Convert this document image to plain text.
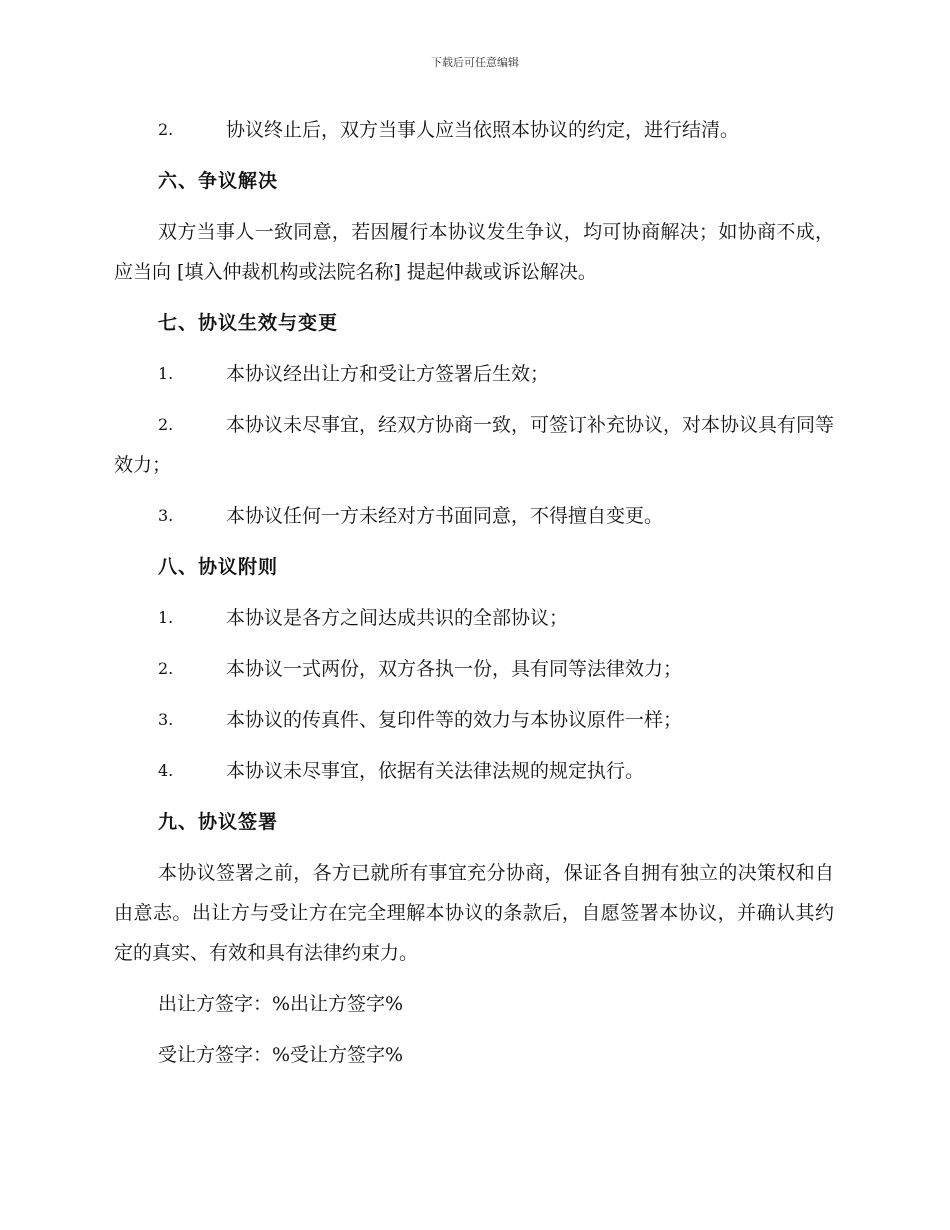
下载后可任意编辑
2.	协议终止后，双方当事人应当依照本协议的约定，进行结清。
六、争议解决
双方当事人一致同意，若因履行本协议发生争议，均可协商解决；如协商不成，应当向 [填入仲裁机构或法院名称] 提起仲裁或诉讼解决。
七、协议生效与变更
1.	本协议经出让方和受让方签署后生效；
2.	本协议未尽事宜，经双方协商一致，可签订补充协议，对本协议具有同等效力；
3.	本协议任何一方未经对方书面同意，不得擅自变更。
八、协议附则
1.	本协议是各方之间达成共识的全部协议；
2.	本协议一式两份，双方各执一份，具有同等法律效力；
3.	本协议的传真件、复印件等的效力与本协议原件一样；
4.	本协议未尽事宜，依据有关法律法规的规定执行。
九、协议签署
本协议签署之前，各方已就所有事宜充分协商，保证各自拥有独立的决策权和自由意志。出让方与受让方在完全理解本协议的条款后，自愿签署本协议，并确认其约定的真实、有效和具有法律约束力。
出让方签字：%出让方签字%
受让方签字：%受让方签字%
